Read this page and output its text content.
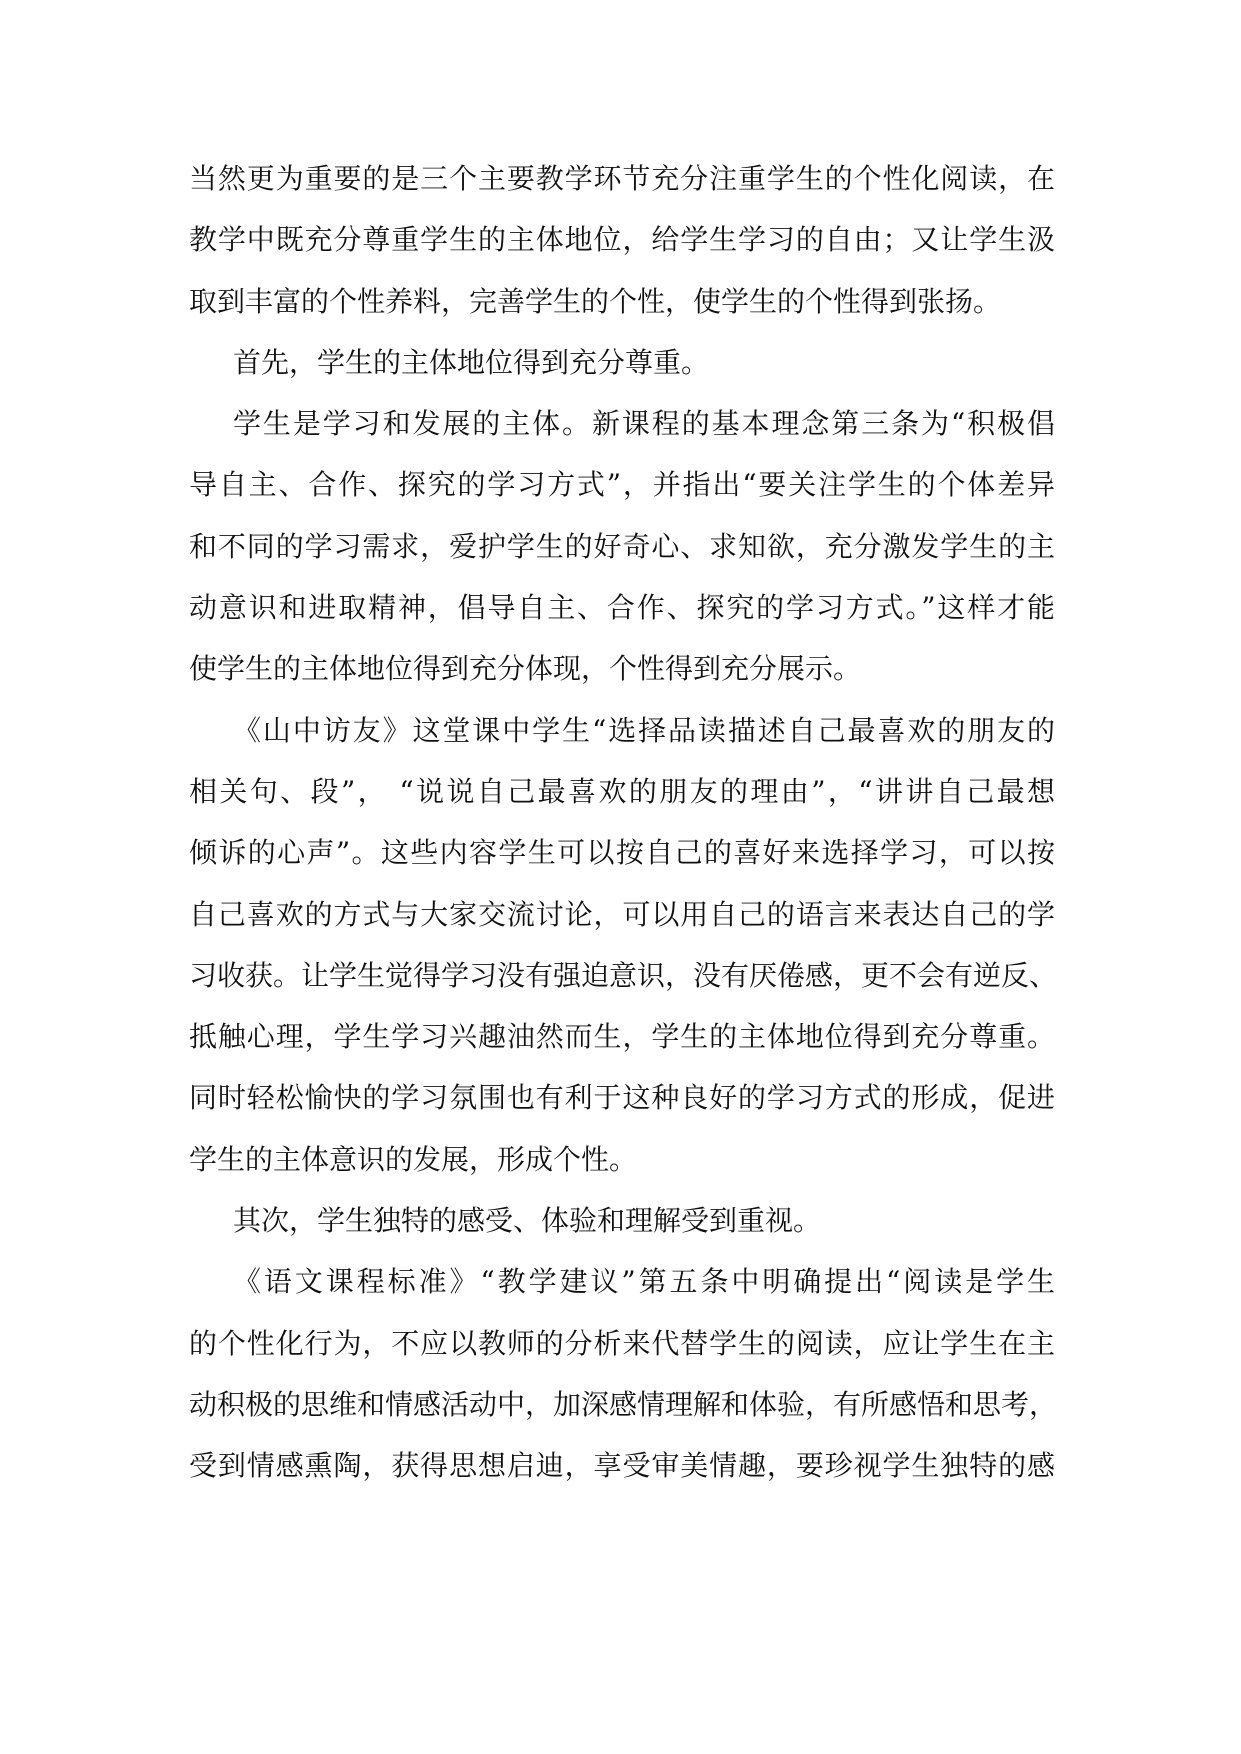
当然更为重要的是三个主要教学环节充分注重学生的个性化阅读，在
教学中既充分尊重学生的主体地位，给学生学习的自由；又让学生汲
取到丰富的个性养料，完善学生的个性，使学生的个性得到张扬。
首先，学生的主体地位得到充分尊重。
学生是学习和发展的主体。新课程的基本理念第三条为“积极倡
导自主、合作、探究的学习方式”，并指出“要关注学生的个体差异
和不同的学习需求，爱护学生的好奇心、求知欲，充分激发学生的主
动意识和进取精神，倡导自主、合作、探究的学习方式。”这样才能
使学生的主体地位得到充分体现，个性得到充分展示。
《山中访友》这堂课中学生“选择品读描述自己最喜欢的朋友的
相关句、段”， “说说自己最喜欢的朋友的理由”，“讲讲自己最想
倾诉的心声”。这些内容学生可以按自己的喜好来选择学习，可以按
自己喜欢的方式与大家交流讨论，可以用自己的语言来表达自己的学
习收获。让学生觉得学习没有强迫意识，没有厌倦感，更不会有逆反、
抵触心理，学生学习兴趣油然而生，学生的主体地位得到充分尊重。
同时轻松愉快的学习氛围也有利于这种良好的学习方式的形成，促进
学生的主体意识的发展，形成个性。
其次，学生独特的感受、体验和理解受到重视。
《语文课程标准》“教学建议”第五条中明确提出“阅读是学生
的个性化行为，不应以教师的分析来代替学生的阅读，应让学生在主
动积极的思维和情感活动中，加深感情理解和体验，有所感悟和思考，
受到情感熏陶，获得思想启迪，享受审美情趣，要珍视学生独特的感
